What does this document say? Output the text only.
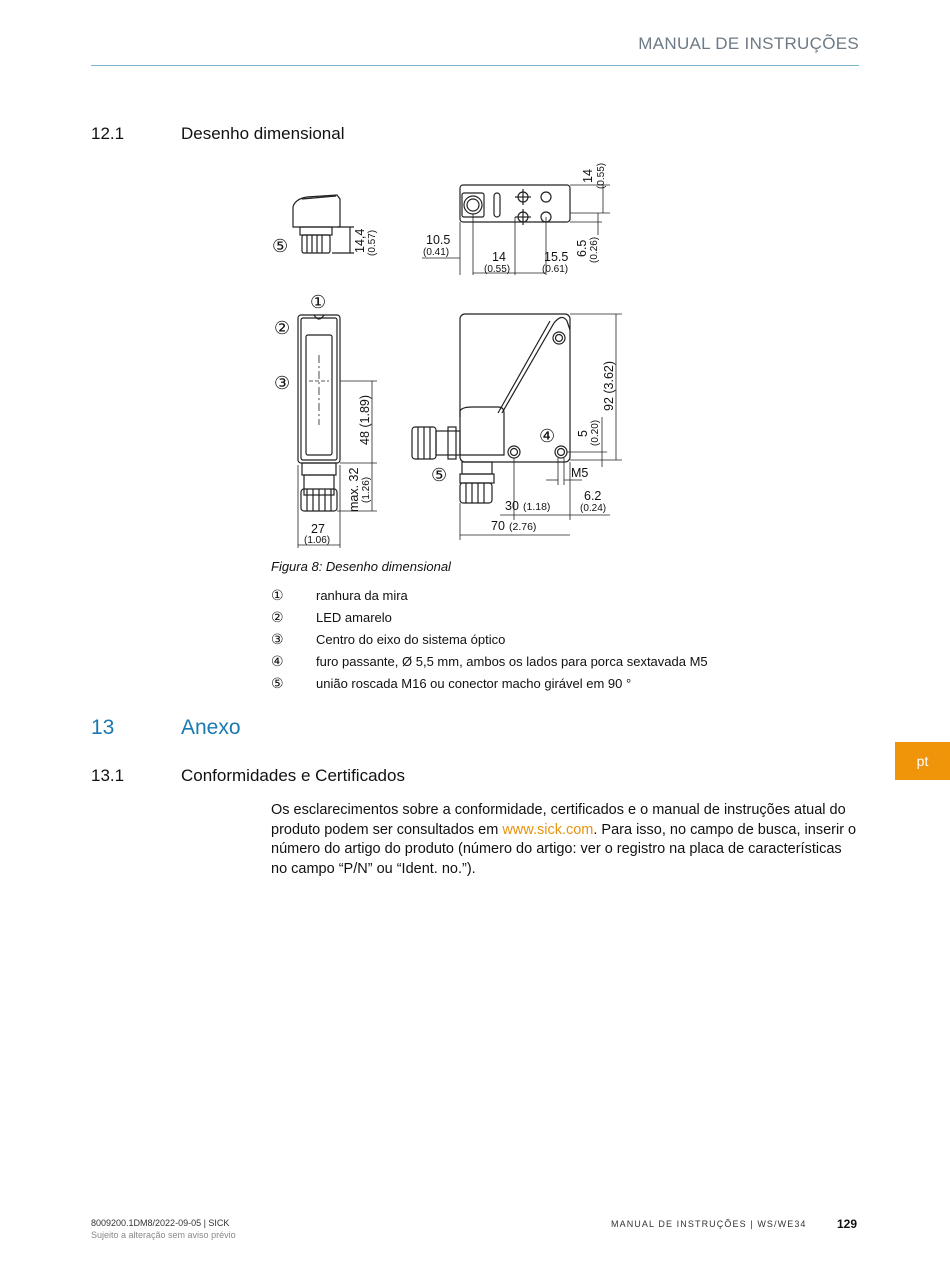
MANUAL DE INSTRUÇÕES
12.1	Desenho dimensional
⑤
①
②
③
④
⑤
14,4 (0.57)
14 (0.55)
10.5
(0.41)	14
(0.55)
15.5
(0.61)
6.5 (0.26)
48 (1.89)
max. 32 (1.26)
27
(1.06)
92 (3.62)
5 (0.20)
M5
6.2
(0.24)
30 (1.18)
70 (2.76)
Figura 8: Desenho dimensional
①	ranhura da mira
②	LED amarelo
③	Centro do eixo do sistema óptico
④	furo passante, Ø 5,5 mm, ambos os lados para porca sextavada M5
⑤	união roscada M16 ou conector macho girável em 90 °
13	Anexo
13.1	Conformidades e Certificados
pt
Os esclarecimentos sobre a conformidade, certificados e o manual de instruções atual do produto podem ser consultados em www.sick.com. Para isso, no campo de busca, inserir o número do artigo do produto (número do artigo: ver o registro na placa de características no campo “P/N” ou “Ident. no.”).
8009200.1DM8/2022-09-05 | SICK
Sujeito a alteração sem aviso prévio
MANUAL DE INSTRUÇÕES | WS/WE34	129
